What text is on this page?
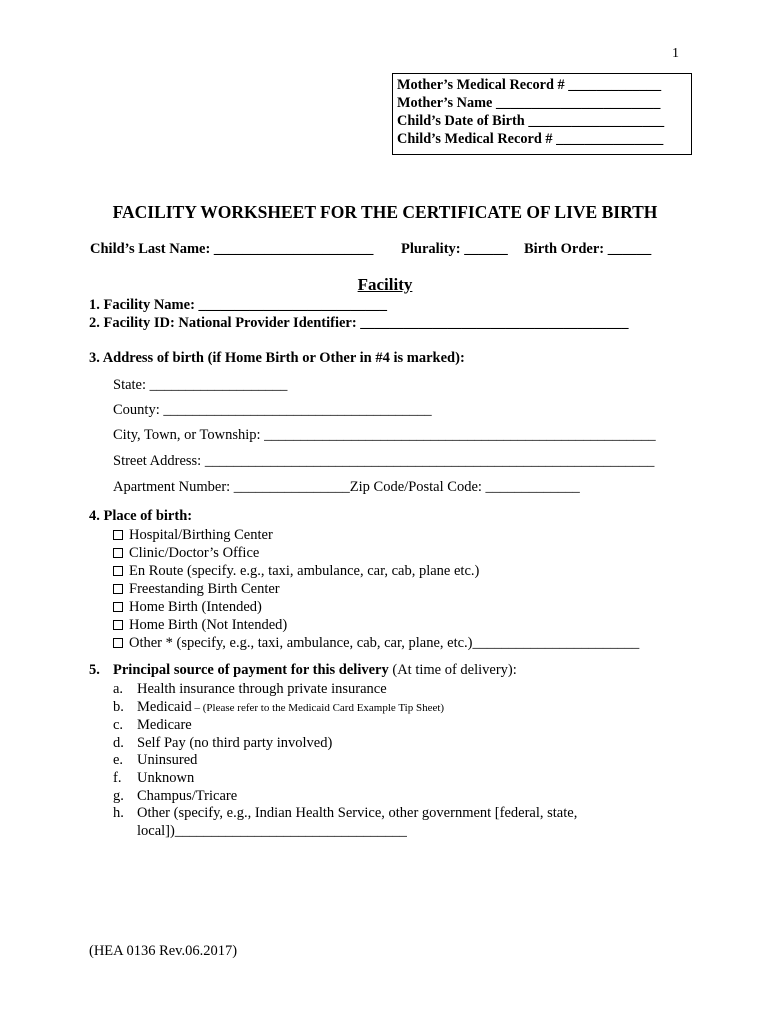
1
Mother’s Medical Record # _____________
Mother’s Name _______________________
Child’s Date of Birth ___________________
Child’s Medical Record # _______________
FACILITY WORKSHEET FOR THE CERTIFICATE OF LIVE BIRTH
Child’s Last Name: ______________________ Plurality: ______ Birth Order: ______
Facility
1. Facility Name: __________________________
2. Facility ID: National Provider Identifier: _____________________________________
3. Address of birth (if Home Birth or Other in #4 is marked):
State: ___________________
County: _____________________________________
City, Town, or Township: ______________________________________________________
Street Address: ______________________________________________________________
Apartment Number: ________________Zip Code/Postal Code: _____________
4. Place of birth:
Hospital/Birthing Center
Clinic/Doctor’s Office
En Route (specify. e.g., taxi, ambulance, car, cab, plane etc.)
Freestanding Birth Center
Home Birth (Intended)
Home Birth (Not Intended)
Other * (specify, e.g., taxi, ambulance, cab, car, plane, etc.)_______________________
5. Principal source of payment for this delivery (At time of delivery):
a. Health insurance through private insurance
b. Medicaid – (Please refer to the Medicaid Card Example Tip Sheet)
c. Medicare
d. Self Pay (no third party involved)
e. Uninsured
f. Unknown
g. Champus/Tricare
h. Other (specify, e.g., Indian Health Service, other government [federal, state,
local])________________________________
(HEA 0136 Rev.06.2017)
